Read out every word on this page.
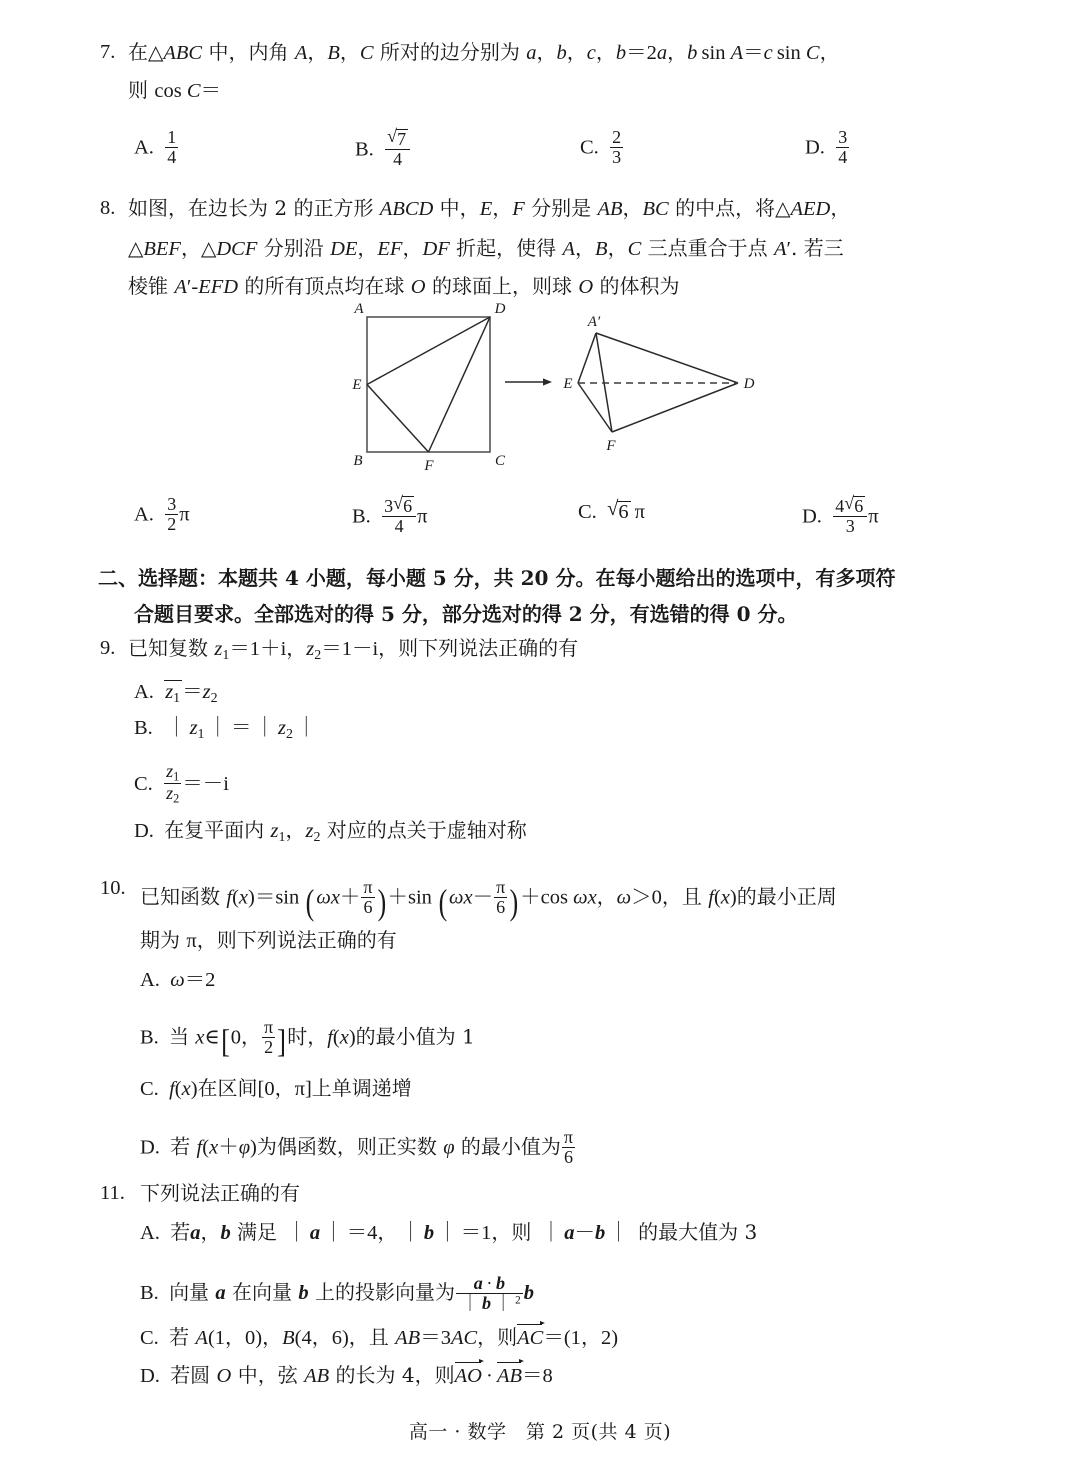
7. 在△ABC 中，内角 A，B，C 所对的边分别为 a，b，c，b＝2a，b  sin A＝c  sin C，
则 cos C＝
A. $\frac{1}{4}$	B. $\frac{√ 7}{4}$	C. $\frac{2}{3}$	D. $\frac{3}{4}$
8. 如图，在边长为 2 的正方形 ABCD 中，E，F 分别是 AB，BC 的中点，将△AED，
△BEF，△DCF 分别沿 DE，EF，DF 折起，使得 A，B，C 三点重合于点 A′. 若三
棱锥 A′-EFD 的所有顶点均在球 O 的球面上，则球 O 的体积为
A	D
E
B	F	C
A′
E
F
D
A. $\frac{3}{2}$ π	B. $\frac{3 √ 6}{4}$ π	C. √ 6  π	D. $\frac{4 √ 6}{3}$ π
二、选择题：本题共 4 小题，每小题 5 分，共 20 分。在每小题给出的选项中，有多项符
合题目要求。全部选对的得 5 分，部分选对的得 2 分，有选错的得 0 分。
9. 已知复数 z1＝1＋i，z2＝1－i，则下列说法正确的有
A. z1＝z2
B. ｜ z1 ｜ ＝ ｜ z2 ｜
C. $\frac{z1}{z2} =-i$
D. 在复平面内 z1，z2 对应的点关于虚轴对称
10. 已知函数 f(x)＝sin $(\omega x+ \frac{\pi}{6} )+\sin$ $(\omega x- \frac{\pi}{6} )+\cos$ ωx，ω＞0，且 f(x)的最小正周
期为 π，则下列说法正确的有
A. ω＝2
B. 当 x∈[0， $\frac{\pi}{2}$ ]时，f(x)的最小值为 1
C. f(x)在区间[0，π]上单调递增
D. 若 f(x＋φ)为偶函数，则正实数 φ 的最小值为 $\frac{\pi}{6}$
11. 下列说法正确的有
A. 若a，b 满足 ｜ a ｜ ＝4， ｜ b ｜ ＝1，则 ｜ a－b ｜ 的最大值为 3
B. 向量 a 在向量 b 上的投影向量为 $\frac{a \cdot b}{| b | ^2}$ b
C. 若 A(1，0)，B(4，6)，且 AB＝3AC，则
AC＝(1，2)
D. 若圆 O 中，弦 AB 的长为 4，则
AO · 
AB＝8
高一 · 数学　第 2 页(共 4 页)
